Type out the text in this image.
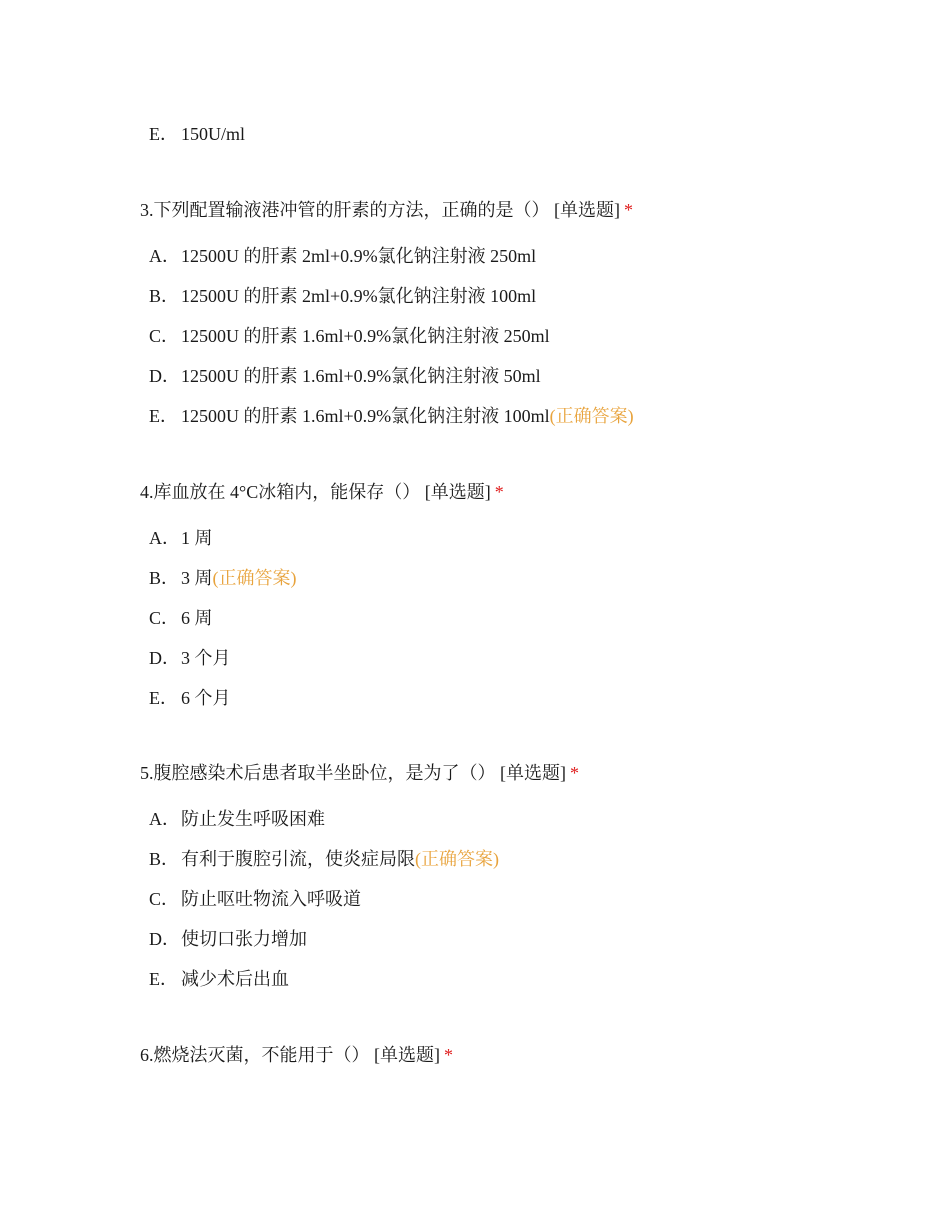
E． 150U/ml
3.下列配置输液港冲管的肝素的方法，正确的是（） [单选题] *
A．12500U 的肝素 2ml+0.9%氯化钠注射液 250ml
B． 12500U 的肝素 2ml+0.9%氯化钠注射液 100ml
C． 12500U 的肝素 1.6ml+0.9%氯化钠注射液 250ml
D．12500U 的肝素 1.6ml+0.9%氯化钠注射液 50ml
E． 12500U 的肝素 1.6ml+0.9%氯化钠注射液 100ml(正确答案)
4.库血放在 4°C冰箱内，能保存（） [单选题] *
A．1 周
B． 3 周(正确答案)
C． 6 周
D．3 个月
E． 6 个月
5.腹腔感染术后患者取半坐卧位，是为了（） [单选题] *
A．防止发生呼吸困难
B． 有利于腹腔引流，使炎症局限(正确答案)
C． 防止呕吐物流入呼吸道
D．使切口张力增加
E． 减少术后出血
6.燃烧法灭菌，不能用于（） [单选题] *
